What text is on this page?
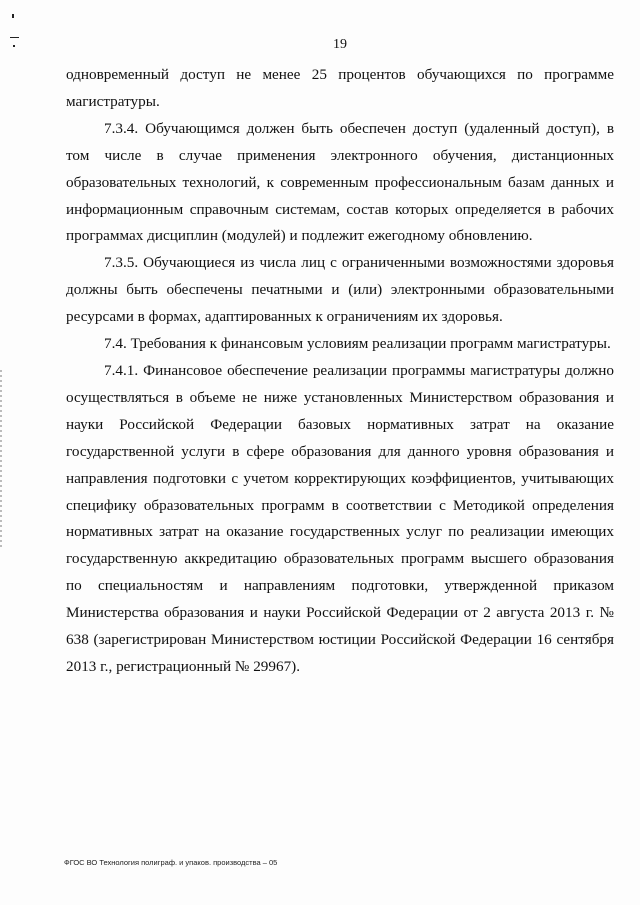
19

одновременный доступ не менее 25 процентов обучающихся по программе магистратуры.

7.3.4. Обучающимся должен быть обеспечен доступ (удаленный доступ), в том числе в случае применения электронного обучения, дистанционных образовательных технологий, к современным профессиональным базам данных и информационным справочным системам, состав которых определяется в рабочих программах дисциплин (модулей) и подлежит ежегодному обновлению.

7.3.5. Обучающиеся из числа лиц с ограниченными возможностями здоровья должны быть обеспечены печатными и (или) электронными образовательными ресурсами в формах, адаптированных к ограничениям их здоровья.

7.4. Требования к финансовым условиям реализации программ магистратуры.

7.4.1. Финансовое обеспечение реализации программы магистратуры должно осуществляться в объеме не ниже установленных Министерством образования и науки Российской Федерации базовых нормативных затрат на оказание государственной услуги в сфере образования для данного уровня образования и направления подготовки с учетом корректирующих коэффициентов, учитывающих специфику образовательных программ в соответствии с Методикой определения нормативных затрат на оказание государственных услуг по реализации имеющих государственную аккредитацию образовательных программ высшего образования по специальностям и направлениям подготовки, утвержденной приказом Министерства образования и науки Российской Федерации от 2 августа 2013 г. № 638 (зарегистрирован Министерством юстиции Российской Федерации 16 сентября 2013 г., регистрационный № 29967).

ФГОС ВО Технология полиграф. и упаков. производства – 05
